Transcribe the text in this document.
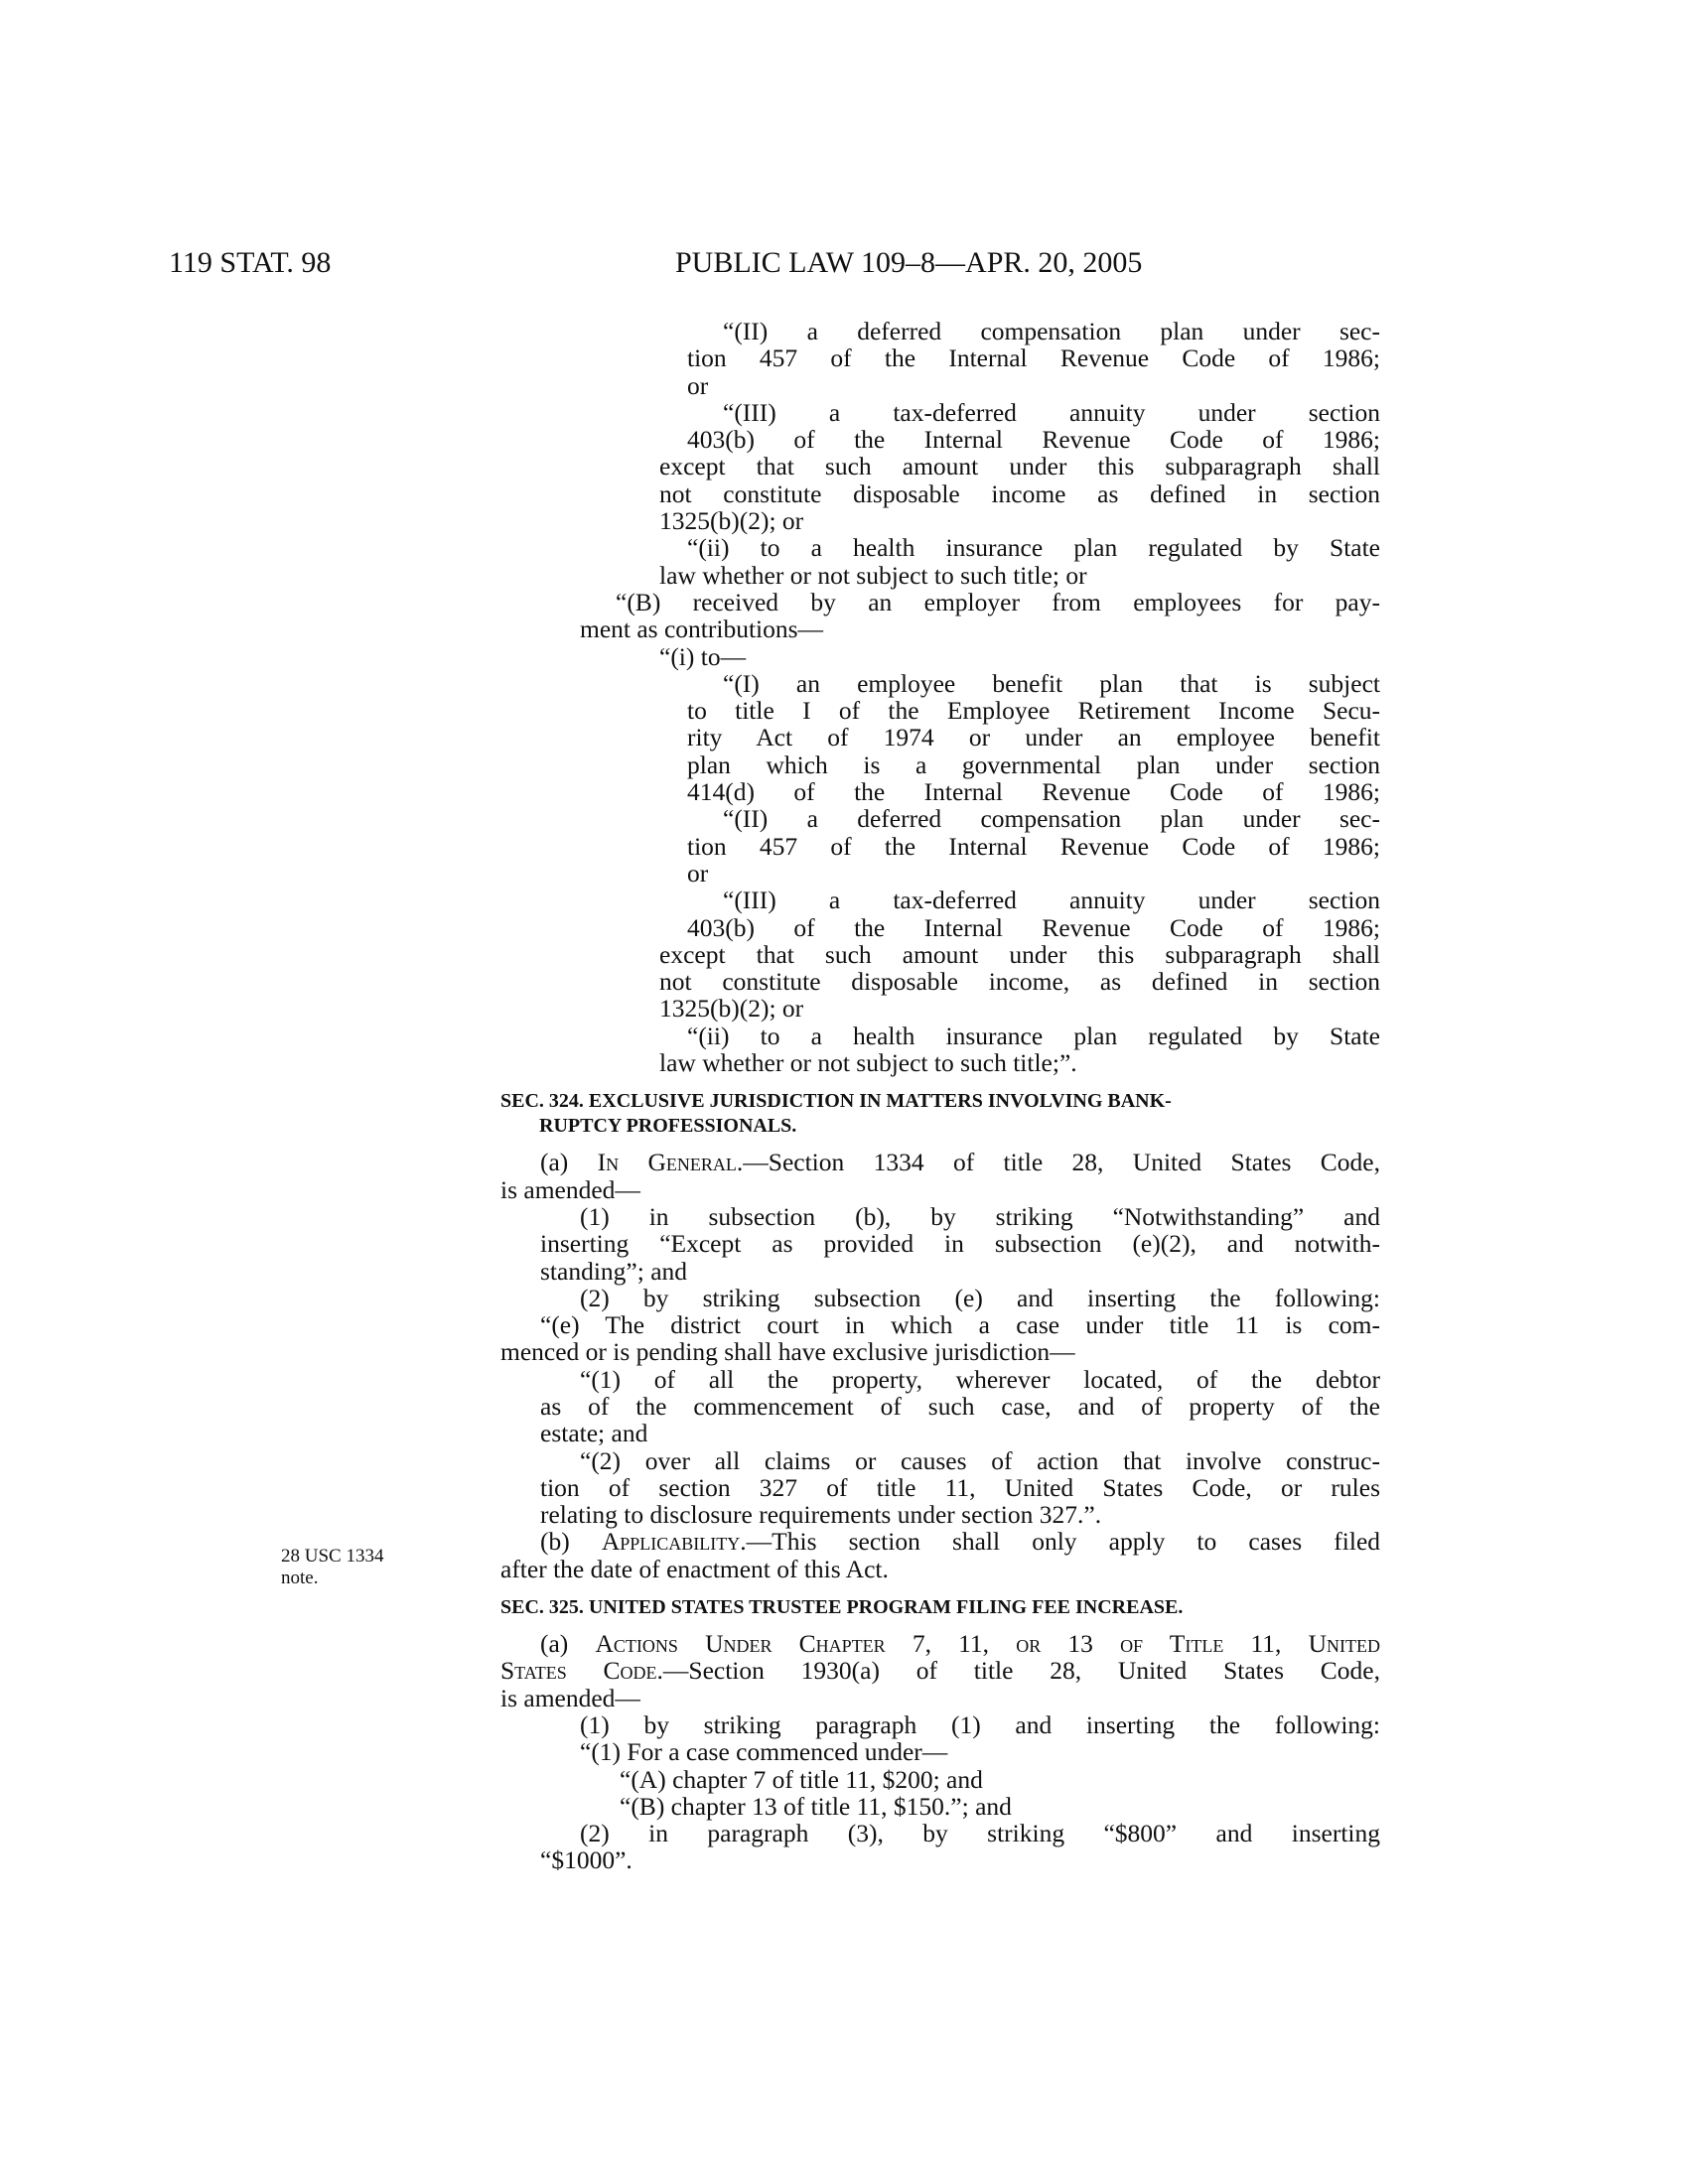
119 STAT. 98	PUBLIC LAW 109–8—APR. 20, 2005
28 USC 1334
note.
“(II) a deferred compensation plan under sec-
tion 457 of the Internal Revenue Code of 1986;
or
“(III) a tax-deferred annuity under section
403(b) of the Internal Revenue Code of 1986;
except that such amount under this subparagraph shall
not constitute disposable income as defined in section
1325(b)(2); or
“(ii) to a health insurance plan regulated by State
law whether or not subject to such title; or
“(B) received by an employer from employees for pay-
ment as contributions—
“(i) to—
“(I) an employee benefit plan that is subject
to title I of the Employee Retirement Income Secu-
rity Act of 1974 or under an employee benefit
plan which is a governmental plan under section
414(d) of the Internal Revenue Code of 1986;
“(II) a deferred compensation plan under sec-
tion 457 of the Internal Revenue Code of 1986;
or
“(III) a tax-deferred annuity under section
403(b) of the Internal Revenue Code of 1986;
except that such amount under this subparagraph shall
not constitute disposable income, as defined in section
1325(b)(2); or
“(ii) to a health insurance plan regulated by State
law whether or not subject to such title;”.
SEC. 324. EXCLUSIVE JURISDICTION IN MATTERS INVOLVING BANK-
RUPTCY PROFESSIONALS.
(a) In General.—Section 1334 of title 28, United States Code,
is amended—
(1) in subsection (b), by striking “Notwithstanding” and
inserting “Except as provided in subsection (e)(2), and notwith-
standing”; and
(2) by striking subsection (e) and inserting the following:
“(e) The district court in which a case under title 11 is com-
menced or is pending shall have exclusive jurisdiction—
“(1) of all the property, wherever located, of the debtor
as of the commencement of such case, and of property of the
estate; and
“(2) over all claims or causes of action that involve construc-
tion of section 327 of title 11, United States Code, or rules
relating to disclosure requirements under section 327.”.
(b) Applicability.—This section shall only apply to cases filed
after the date of enactment of this Act.
SEC. 325. UNITED STATES TRUSTEE PROGRAM FILING FEE INCREASE.
(a) Actions Under Chapter 7, 11, or 13 of Title 11, United
States Code.—Section 1930(a) of title 28, United States Code,
is amended—
(1) by striking paragraph (1) and inserting the following:
“(1) For a case commenced under—
“(A) chapter 7 of title 11, $200; and
“(B) chapter 13 of title 11, $150.”; and
(2) in paragraph (3), by striking “$800” and inserting
“$1000”.
